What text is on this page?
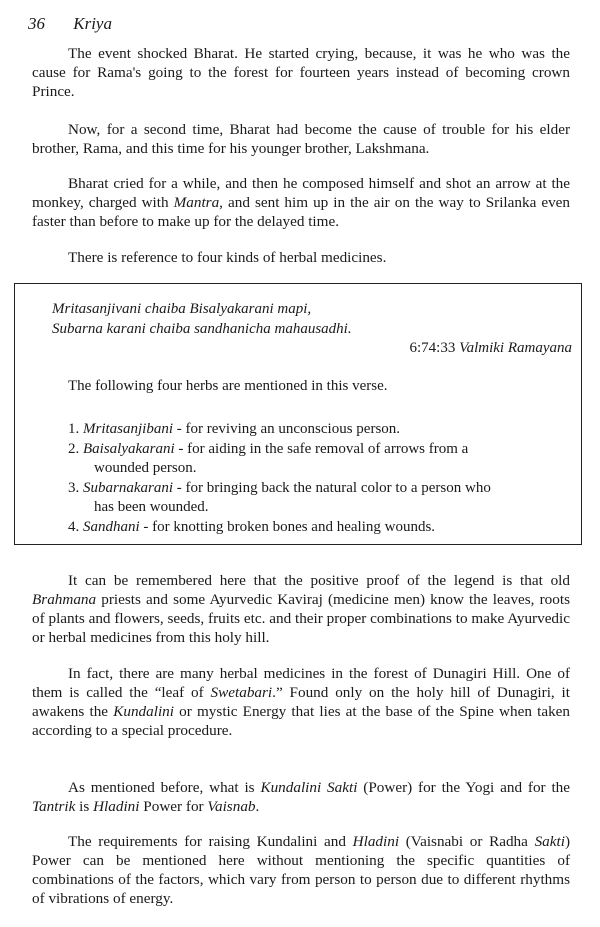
36 Kriya

The event shocked Bharat. He started crying, because, it was he who was the cause for Rama's going to the forest for fourteen years instead of becoming crown Prince.

Now, for a second time, Bharat had become the cause of trouble for his elder brother, Rama, and this time for his younger brother, Lakshmana.

Bharat cried for a while, and then he composed himself and shot an arrow at the monkey, charged with Mantra, and sent him up in the air on the way to Srilanka even faster than before to make up for the delayed time.

There is reference to four kinds of herbal medicines.

Mritasanjivani chaiba Bisalyakarani mapi,

Subarna karani chaiba sandhanicha mahausadhi.

6:74:33 Valmiki Ramayana

The following four herbs are mentioned in this verse.

1. Mritasanjibani - for reviving an unconscious person.
2. Baisalyakarani - for aiding in the safe removal of arrows from a
wounded person.
3. Subarnakarani - for bringing back the natural color to a person who
has been wounded.
4. Sandhani - for knotting broken bones and healing wounds.

It can be remembered here that the positive proof of the legend is that old Brahmana priests and some Ayurvedic Kaviraj (medicine men) know the leaves, roots of plants and flowers, seeds, fruits etc. and their proper combinations to make Ayurvedic or herbal medicines from this holy hill.

In fact, there are many herbal medicines in the forest of Dunagiri Hill. One of them is called the “leaf of Swetabari.” Found only on the holy hill of Dunagiri, it awakens the Kundalini or mystic Energy that lies at the base of the Spine when taken according to a special procedure.

As mentioned before, what is Kundalini Sakti (Power) for the Yogi and for the Tantrik is Hladini Power for Vaisnab.

The requirements for raising Kundalini and Hladini (Vaisnabi or Radha Sakti) Power can be mentioned here without mentioning the specific quantities of combinations of the factors, which vary from person to person due to different rhythms of vibrations of energy.
